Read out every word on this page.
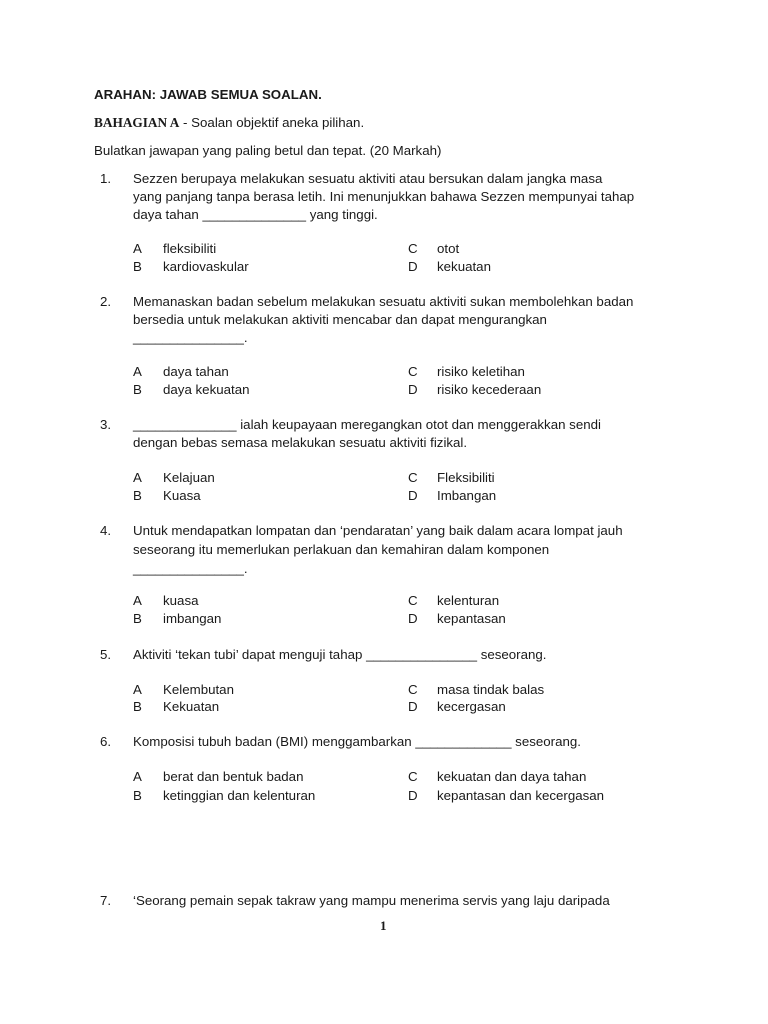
ARAHAN: JAWAB SEMUA SOALAN.
BAHAGIAN A - Soalan objektif aneka pilihan.
Bulatkan jawapan yang paling betul dan tepat. (20 Markah)
1. Sezzen berupaya melakukan sesuatu aktiviti atau bersukan dalam jangka masa
yang panjang tanpa berasa letih. Ini menunjukkan bahawa Sezzen mempunyai tahap
daya tahan ______________ yang tinggi.
A fleksibiliti	C otot
B kardiovaskular	D kekuatan
2. Memanaskan badan sebelum melakukan sesuatu aktiviti sukan membolehkan badan
bersedia untuk melakukan aktiviti mencabar dan dapat mengurangkan
_______________.
A daya tahan	C risiko keletihan
B daya kekuatan	D risiko kecederaan
3. ______________ ialah keupayaan meregangkan otot dan menggerakkan sendi
dengan bebas semasa melakukan sesuatu aktiviti fizikal.
A Kelajuan	C Fleksibiliti
B Kuasa	D Imbangan
4. Untuk mendapatkan lompatan dan ‘pendaratan’ yang baik dalam acara lompat jauh
seseorang itu memerlukan perlakuan dan kemahiran dalam komponen
_______________.
A kuasa	C kelenturan
B imbangan	D kepantasan
5. Aktiviti ‘tekan tubi’ dapat menguji tahap _______________ seseorang.
A Kelembutan	C masa tindak balas
B Kekuatan	D kecergasan
6. Komposisi tubuh badan (BMI) menggambarkan _____________ seseorang.
A berat dan bentuk badan	C kekuatan dan daya tahan
B ketinggian dan kelenturan	D kepantasan dan kecergasan
7. ‘Seorang pemain sepak takraw yang mampu menerima servis yang laju daripada
1
